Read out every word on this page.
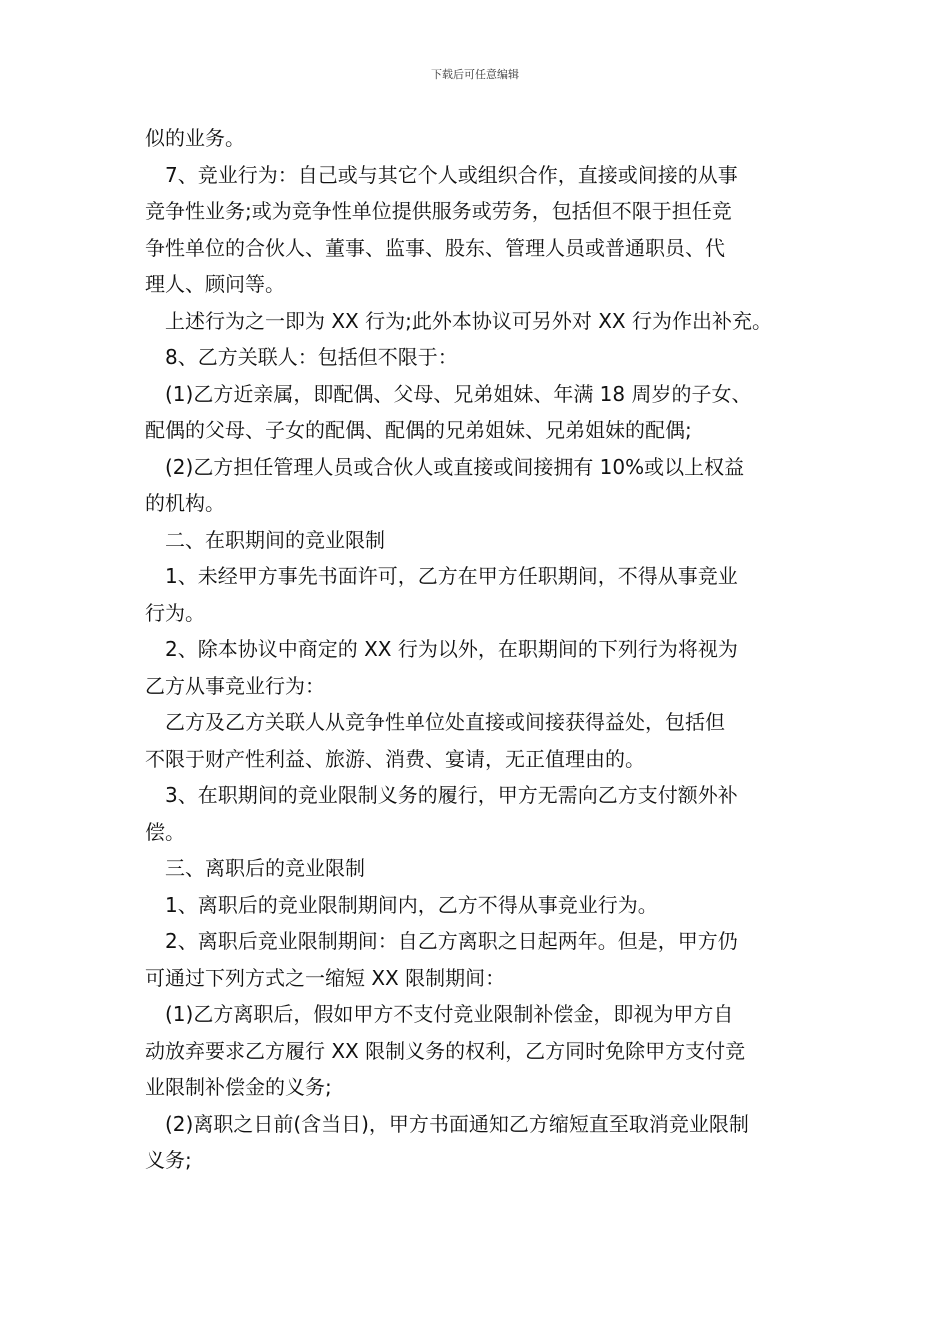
下载后可任意编辑
似的业务。
　7、竞业行为：自己或与其它个人或组织合作，直接或间接的从事
竞争性业务;或为竞争性单位提供服务或劳务，包括但不限于担任竞
争性单位的合伙人、董事、监事、股东、管理人员或普通职员、代
理人、顾问等。
　上述行为之一即为 XX 行为;此外本协议可另外对 XX 行为作出补充。
　8、乙方关联人：包括但不限于：
　(1)乙方近亲属，即配偶、父母、兄弟姐妹、年满 18 周岁的子女、
配偶的父母、子女的配偶、配偶的兄弟姐妹、兄弟姐妹的配偶;
　(2)乙方担任管理人员或合伙人或直接或间接拥有 10%或以上权益
的机构。
　二、在职期间的竞业限制
　1、未经甲方事先书面许可，乙方在甲方任职期间，不得从事竞业
行为。
　2、除本协议中商定的 XX 行为以外，在职期间的下列行为将视为
乙方从事竞业行为：
　乙方及乙方关联人从竞争性单位处直接或间接获得益处，包括但
不限于财产性利益、旅游、消费、宴请，无正值理由的。
　3、在职期间的竞业限制义务的履行，甲方无需向乙方支付额外补
偿。
　三、离职后的竞业限制
　1、离职后的竞业限制期间内，乙方不得从事竞业行为。
　2、离职后竞业限制期间：自乙方离职之日起两年。但是，甲方仍
可通过下列方式之一缩短 XX 限制期间：
　(1)乙方离职后，假如甲方不支付竞业限制补偿金，即视为甲方自
动放弃要求乙方履行 XX 限制义务的权利，乙方同时免除甲方支付竞
业限制补偿金的义务;
　(2)离职之日前(含当日)，甲方书面通知乙方缩短直至取消竞业限制
义务;
